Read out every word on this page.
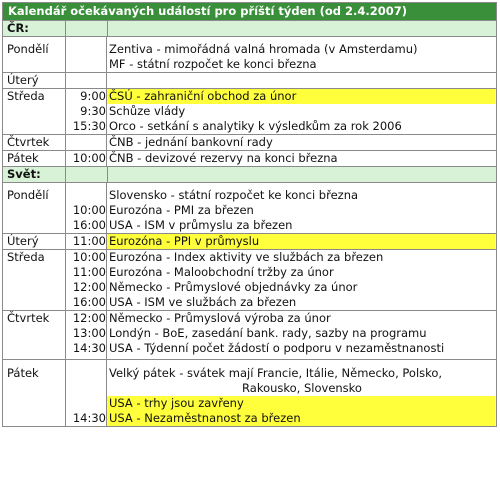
Kalendář očekávaných událostí pro příští týden (od 2.4.2007)
ČR:
Pondělí	Zentiva - mimořádná valná hromada (v Amsterdamu)
MF - státní rozpočet ke konci března
Úterý
Středa	9:00 ČSÚ - zahraniční obchod za únor
9:30 Schůze vlády
15:30 Orco - setkání s analytiky k výsledkům za rok 2006
Čtvrtek	ČNB - jednání bankovní rady
Pátek	10:00 ČNB - devizové rezervy na konci března
Svět:
Pondělí	Slovensko - státní rozpočet ke konci března
10:00 Eurozóna - PMI za březen
16:00 USA - ISM v průmyslu za březen
Úterý	11:00 Eurozóna - PPI v průmyslu
Středa	10:00 Eurozóna - Index aktivity ve službách za březen
11:00 Eurozóna - Maloobchodní tržby za únor
12:00 Německo - Průmyslové objednávky za únor
16:00 USA - ISM ve službách za březen
Čtvrtek	12:00 Německo - Průmyslová výroba za únor
13:00 Londýn - BoE, zasedání bank. rady, sazby na programu
14:30 USA - Týdenní počet žádostí o podporu v nezaměstnanosti
Pátek	Velký pátek - svátek mají Francie, Itálie, Německo, Polsko,
Rakousko, Slovensko
USA - trhy jsou zavřeny
14:30 USA - Nezaměstnanost za březen
